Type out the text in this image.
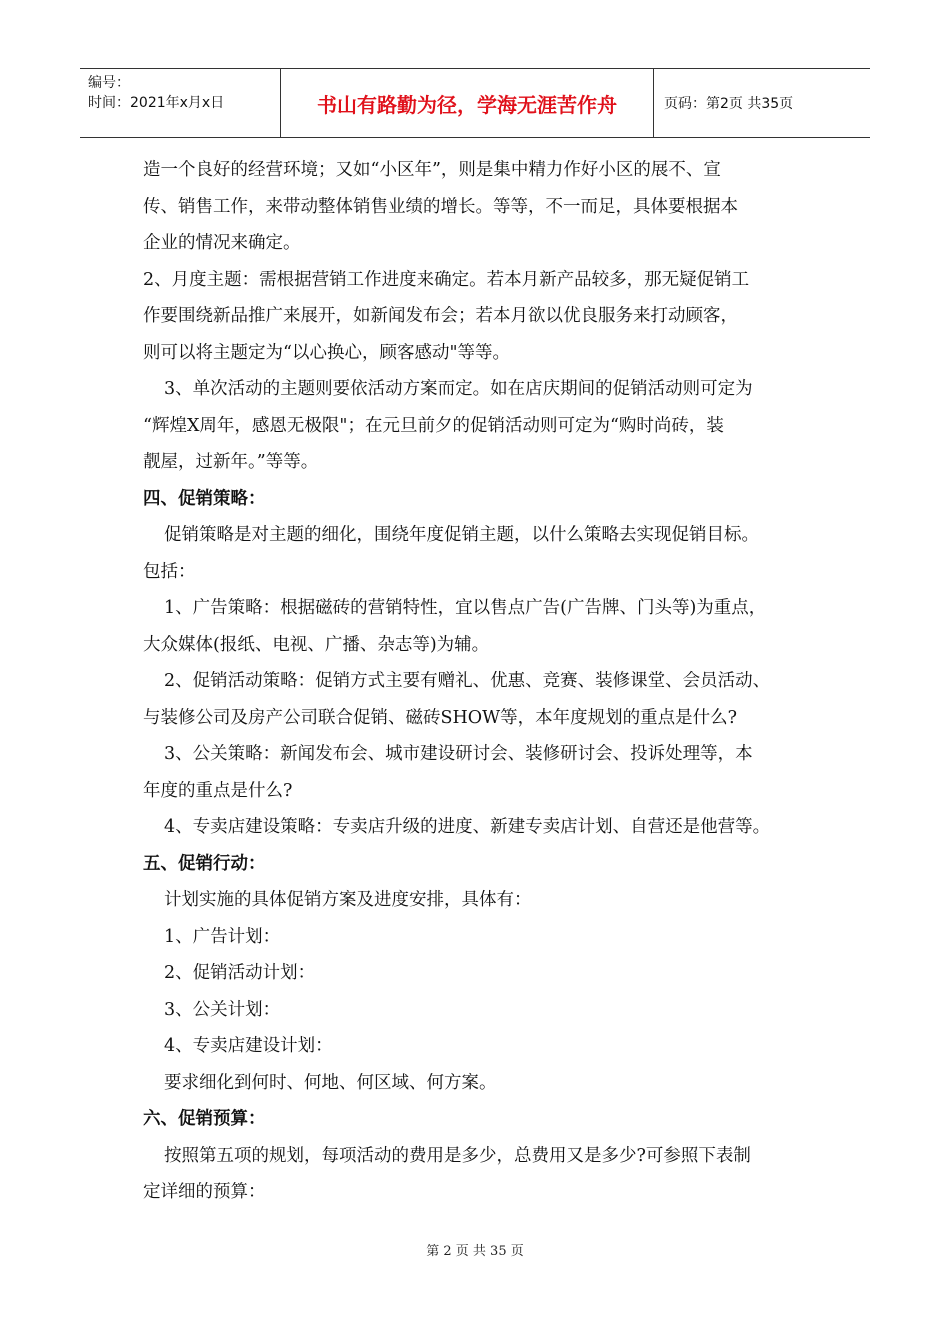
编号：
时间：2021年x月x日	书山有路勤为径，学海无涯苦作舟	页码：第2页 共35页
造一个良好的经营环境；又如“小区年”，则是集中精力作好小区的展不、宣
传、销售工作，来带动整体销售业绩的增长。等等，不一而足，具体要根据本
企业的情况来确定。
2、月度主题：需根据营销工作进度来确定。若本月新产品较多，那无疑促销工
作要围绕新品推广来展开，如新闻发布会；若本月欲以优良服务来打动顾客，
则可以将主题定为“以心换心，顾客感动"等等。
3、单次活动的主题则要依活动方案而定。如在店庆期间的促销活动则可定为
“辉煌X周年，感恩无极限"；在元旦前夕的促销活动则可定为“购时尚砖，装
靓屋，过新年。”等等。
四、促销策略：
促销策略是对主题的细化，围绕年度促销主题，以什么策略去实现促销目标。
包括：
1、广告策略：根据磁砖的营销特性，宜以售点广告(广告牌、门头等)为重点，
大众媒体(报纸、电视、广播、杂志等)为辅。
2、促销活动策略：促销方式主要有赠礼、优惠、竞赛、装修课堂、会员活动、
与装修公司及房产公司联合促销、磁砖SHOW等，本年度规划的重点是什么?
3、公关策略：新闻发布会、城市建设研讨会、装修研讨会、投诉处理等，本
年度的重点是什么?
4、专卖店建设策略：专卖店升级的进度、新建专卖店计划、自营还是他营等。
五、促销行动：
计划实施的具体促销方案及进度安排，具体有：
1、广告计划：
2、促销活动计划：
3、公关计划：
4、专卖店建设计划：
要求细化到何时、何地、何区域、何方案。
六、促销预算：
按照第五项的规划，每项活动的费用是多少，总费用又是多少?可参照下表制
定详细的预算：
第 2 页 共 35 页
